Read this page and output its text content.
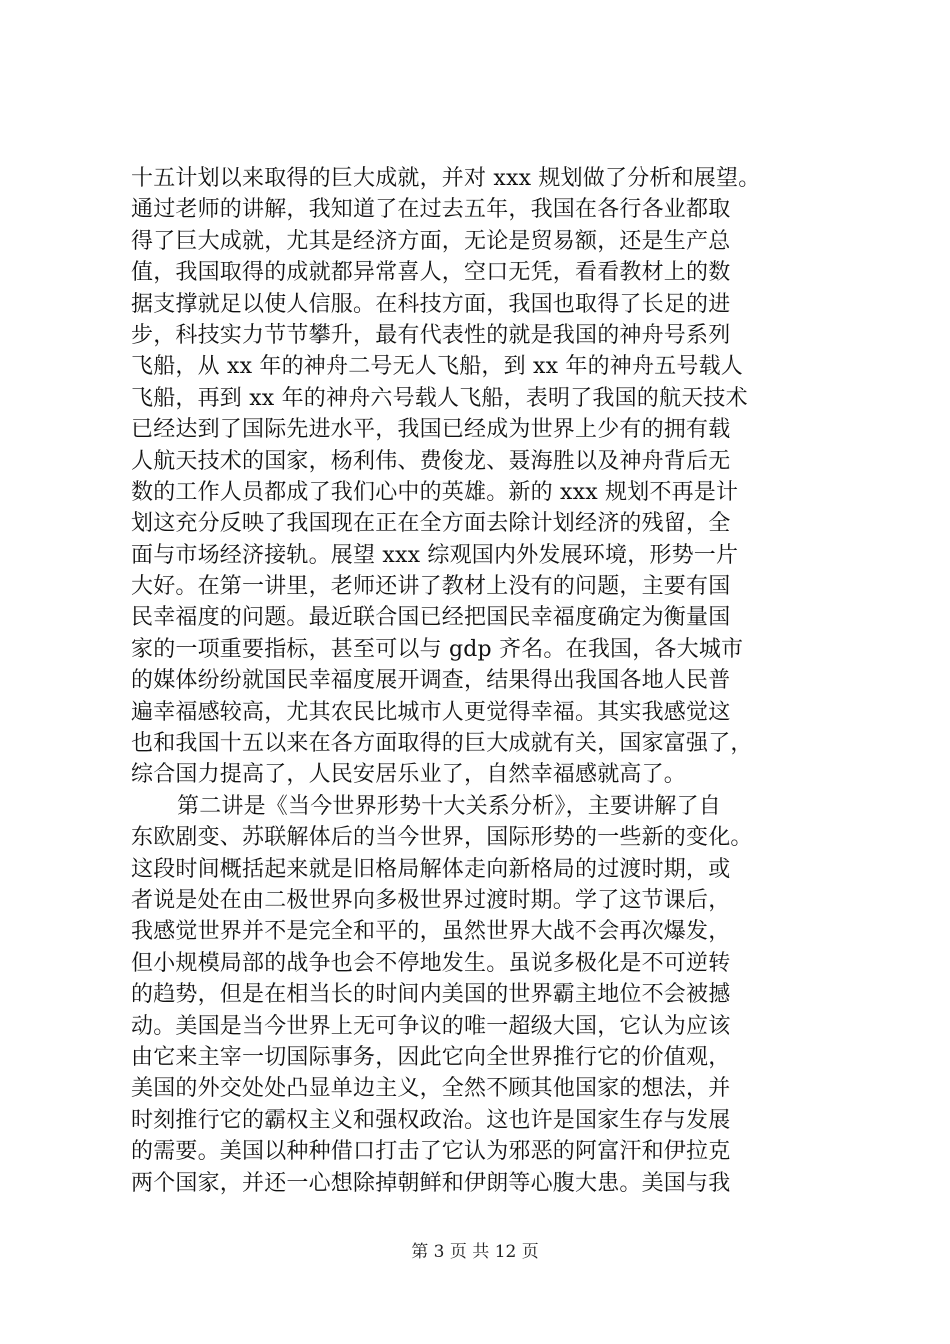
十五计划以来取得的巨大成就，并对 xxx 规划做了分析和展望。
通过老师的讲解，我知道了在过去五年，我国在各行各业都取
得了巨大成就，尤其是经济方面，无论是贸易额，还是生产总
值，我国取得的成就都异常喜人，空口无凭，看看教材上的数
据支撑就足以使人信服。在科技方面，我国也取得了长足的进
步，科技实力节节攀升，最有代表性的就是我国的神舟号系列
飞船，从 xx 年的神舟二号无人飞船，到 xx 年的神舟五号载人
飞船，再到 xx 年的神舟六号载人飞船，表明了我国的航天技术
已经达到了国际先进水平，我国已经成为世界上少有的拥有载
人航天技术的国家，杨利伟、费俊龙、聂海胜以及神舟背后无
数的工作人员都成了我们心中的英雄。新的 xxx 规划不再是计
划这充分反映了我国现在正在全方面去除计划经济的残留，全
面与市场经济接轨。展望 xxx 综观国内外发展环境，形势一片
大好。在第一讲里，老师还讲了教材上没有的问题，主要有国
民幸福度的问题。最近联合国已经把国民幸福度确定为衡量国
家的一项重要指标，甚至可以与 gdp 齐名。在我国，各大城市
的媒体纷纷就国民幸福度展开调查，结果得出我国各地人民普
遍幸福感较高，尤其农民比城市人更觉得幸福。其实我感觉这
也和我国十五以来在各方面取得的巨大成就有关，国家富强了，
综合国力提高了，人民安居乐业了，自然幸福感就高了。
第二讲是《当今世界形势十大关系分析》，主要讲解了自
东欧剧变、苏联解体后的当今世界，国际形势的一些新的变化。
这段时间概括起来就是旧格局解体走向新格局的过渡时期，或
者说是处在由二极世界向多极世界过渡时期。学了这节课后，
我感觉世界并不是完全和平的，虽然世界大战不会再次爆发，
但小规模局部的战争也会不停地发生。虽说多极化是不可逆转
的趋势，但是在相当长的时间内美国的世界霸主地位不会被撼
动。美国是当今世界上无可争议的唯一超级大国，它认为应该
由它来主宰一切国际事务，因此它向全世界推行它的价值观，
美国的外交处处凸显单边主义，全然不顾其他国家的想法，并
时刻推行它的霸权主义和强权政治。这也许是国家生存与发展
的需要。美国以种种借口打击了它认为邪恶的阿富汗和伊拉克
两个国家，并还一心想除掉朝鲜和伊朗等心腹大患。美国与我
第 3 页 共 12 页
